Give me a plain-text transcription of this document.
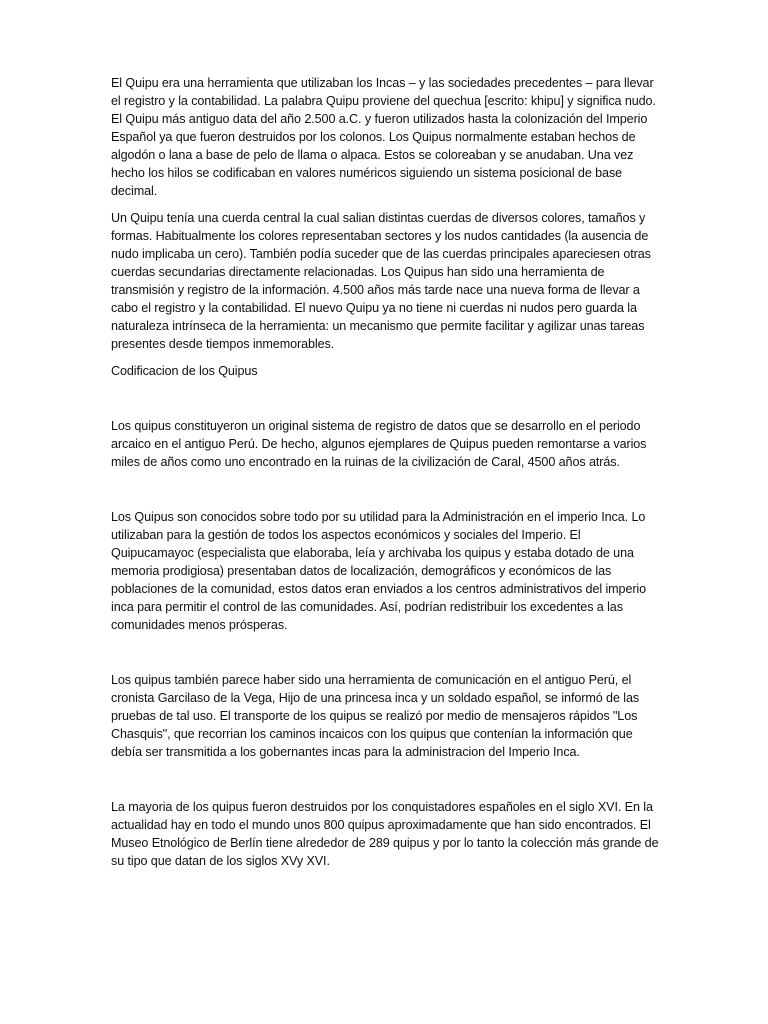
El Quipu era una herramienta que utilizaban los Incas – y las sociedades precedentes – para llevar el registro y la contabilidad. La palabra Quipu proviene del quechua [escrito: khipu] y significa nudo. El Quipu más antiguo data del año 2.500 a.C. y fueron utilizados hasta la colonización del Imperio Español ya que fueron destruidos por los colonos. Los Quipus normalmente estaban hechos de algodón o lana a base de pelo de llama o alpaca. Estos se coloreaban y se anudaban. Una vez hecho los hilos se codificaban en valores numéricos siguiendo un sistema posicional de base decimal.

Un Quipu tenía una cuerda central la cual salian distintas cuerdas de diversos colores, tamaños y formas. Habitualmente los colores representaban sectores y los nudos cantidades (la ausencia de nudo implicaba un cero). También podía suceder que de las cuerdas principales apareciesen otras cuerdas secundarias directamente relacionadas. Los Quipus han sido una herramienta de transmisión y registro de la información. 4.500 años más tarde nace una nueva forma de llevar a cabo el registro y la contabilidad. El nuevo Quipu ya no tiene ni cuerdas ni nudos pero guarda la naturaleza intrínseca de la herramienta: un mecanismo que permite facilitar y agilizar unas tareas presentes desde tiempos inmemorables.

Codificacion de los Quipus

Los quipus constituyeron un original sistema de registro de datos que se desarrollo en el periodo arcaico en el antiguo Perú. De hecho, algunos ejemplares de Quipus pueden remontarse a varios miles de años como uno encontrado en la ruinas de la civilización de Caral, 4500 años atrás.

Los Quipus son conocidos sobre todo por su utilidad para la Administración en el imperio Inca. Lo utilizaban para la gestión de todos los aspectos económicos y sociales del Imperio. El Quipucamayoc (especialista que elaboraba, leía y archivaba los quipus y estaba dotado de una memoria prodigiosa) presentaban datos de localización, demográficos y económicos de las poblaciones de la comunidad, estos datos eran enviados a los centros administrativos del imperio inca para permitir el control de las comunidades. Así, podrían redistribuir los excedentes a las comunidades menos prósperas.

Los quipus también parece haber sido una herramienta de comunicación en el antiguo Perú, el cronista Garcilaso de la Vega, Hijo de una princesa inca y un soldado español, se informó de las pruebas de tal uso. El transporte de los quipus se realizó por medio de mensajeros rápidos "Los Chasquis", que recorrian los caminos incaicos con los quipus que contenían la información que debía ser transmitida a los gobernantes incas para la administracion del Imperio Inca.

La mayoria de los quipus fueron destruidos por los conquistadores españoles en el siglo XVI. En la actualidad hay en todo el mundo unos 800 quipus aproximadamente que han sido encontrados. El Museo Etnológico de Berlín tiene alrededor de 289 quipus y por lo tanto la colección más grande de su tipo que datan de los siglos XVy XVI.
